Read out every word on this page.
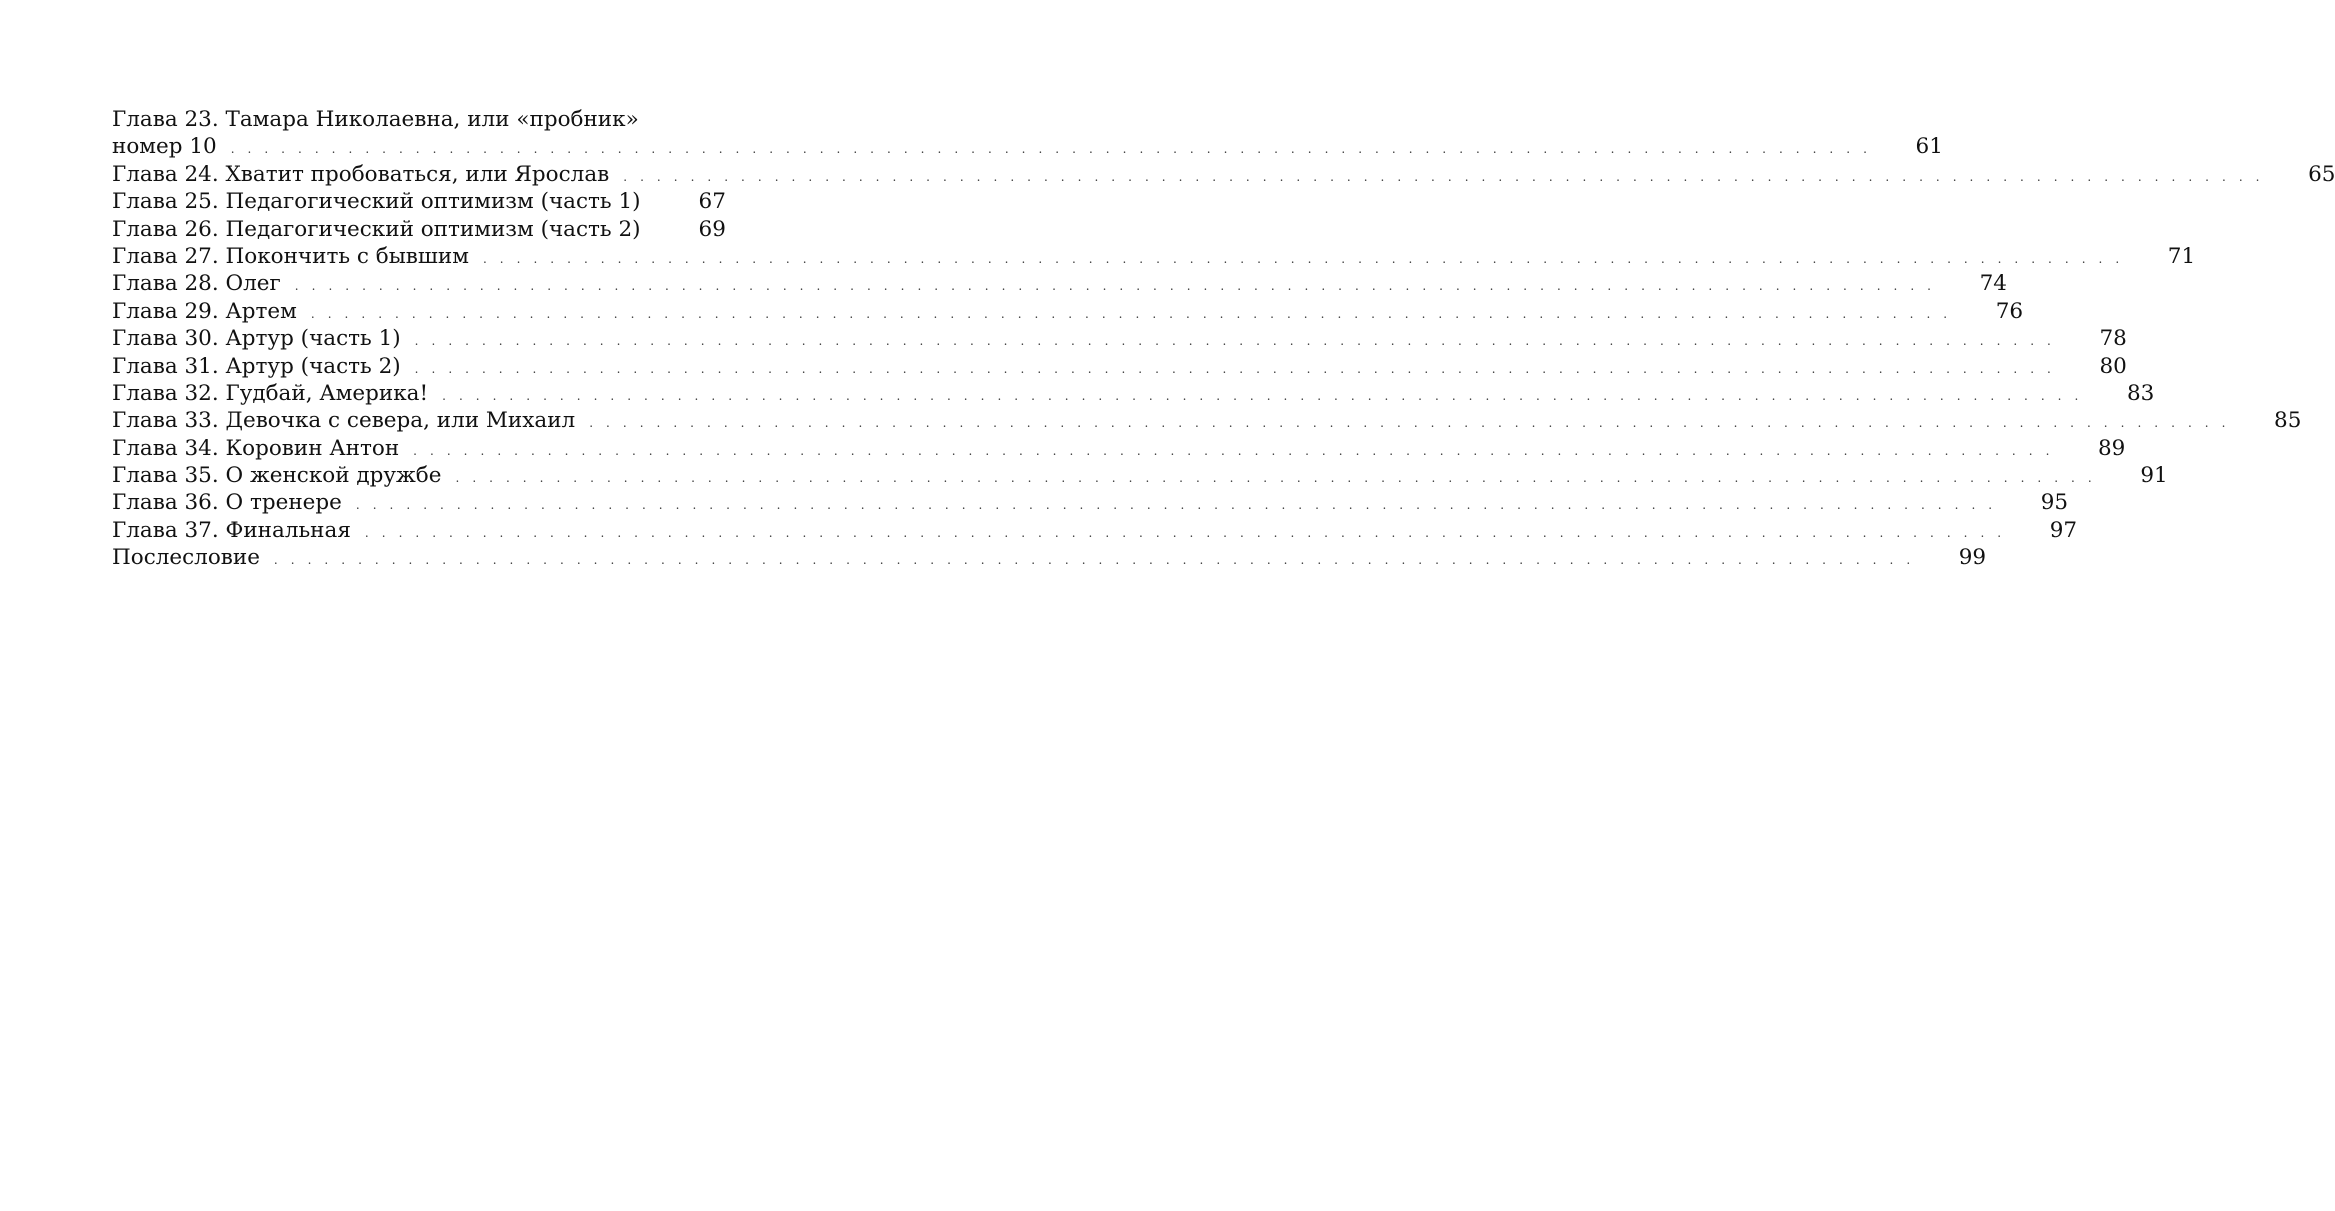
Глава 23. Тамара Николаевна, или «пробник»
номер 10 . . . . . . . . . . . . . . . . . . . . . . . . . . . . . . . . . . . . . . . . . . . . . . . . . . . . . . . . . . . . . . . . . . . . . . . . . . . . . . . . . . . . . . . . . . . . . . . . . . 61
Глава 24. Хватит пробоваться, или Ярослав . . . . . . . . . . . . . . . . . . . . . . . . . . . . . . . . . . . . . . . . . . . . . . . . . . . . . . . . . . . . . . . . . . . . . . . . . . . . . . . . . . . . . . . . . . . . . . . . . . 65
Глава 25. Педагогический оптимизм (часть 1)	67
Глава 26. Педагогический оптимизм (часть 2)	69
Глава 27. Покончить с бывшим . . . . . . . . . . . . . . . . . . . . . . . . . . . . . . . . . . . . . . . . . . . . . . . . . . . . . . . . . . . . . . . . . . . . . . . . . . . . . . . . . . . . . . . . . . . . . . . . . . 71
Глава 28. Олег . . . . . . . . . . . . . . . . . . . . . . . . . . . . . . . . . . . . . . . . . . . . . . . . . . . . . . . . . . . . . . . . . . . . . . . . . . . . . . . . . . . . . . . . . . . . . . . . . . 74
Глава 29. Артем . . . . . . . . . . . . . . . . . . . . . . . . . . . . . . . . . . . . . . . . . . . . . . . . . . . . . . . . . . . . . . . . . . . . . . . . . . . . . . . . . . . . . . . . . . . . . . . . . . 76
Глава 30. Артур (часть 1) . . . . . . . . . . . . . . . . . . . . . . . . . . . . . . . . . . . . . . . . . . . . . . . . . . . . . . . . . . . . . . . . . . . . . . . . . . . . . . . . . . . . . . . . . . . . . . . . . . 78
Глава 31. Артур (часть 2) . . . . . . . . . . . . . . . . . . . . . . . . . . . . . . . . . . . . . . . . . . . . . . . . . . . . . . . . . . . . . . . . . . . . . . . . . . . . . . . . . . . . . . . . . . . . . . . . . . 80
Глава 32. Гудбай, Америка! . . . . . . . . . . . . . . . . . . . . . . . . . . . . . . . . . . . . . . . . . . . . . . . . . . . . . . . . . . . . . . . . . . . . . . . . . . . . . . . . . . . . . . . . . . . . . . . . . . 83
Глава 33. Девочка с севера, или Михаил . . . . . . . . . . . . . . . . . . . . . . . . . . . . . . . . . . . . . . . . . . . . . . . . . . . . . . . . . . . . . . . . . . . . . . . . . . . . . . . . . . . . . . . . . . . . . . . . . . 85
Глава 34. Коровин Антон . . . . . . . . . . . . . . . . . . . . . . . . . . . . . . . . . . . . . . . . . . . . . . . . . . . . . . . . . . . . . . . . . . . . . . . . . . . . . . . . . . . . . . . . . . . . . . . . . . 89
Глава 35. О женской дружбе . . . . . . . . . . . . . . . . . . . . . . . . . . . . . . . . . . . . . . . . . . . . . . . . . . . . . . . . . . . . . . . . . . . . . . . . . . . . . . . . . . . . . . . . . . . . . . . . . . 91
Глава 36. О тренере . . . . . . . . . . . . . . . . . . . . . . . . . . . . . . . . . . . . . . . . . . . . . . . . . . . . . . . . . . . . . . . . . . . . . . . . . . . . . . . . . . . . . . . . . . . . . . . . . . 95
Глава 37. Финальная . . . . . . . . . . . . . . . . . . . . . . . . . . . . . . . . . . . . . . . . . . . . . . . . . . . . . . . . . . . . . . . . . . . . . . . . . . . . . . . . . . . . . . . . . . . . . . . . . . 97
Послесловие . . . . . . . . . . . . . . . . . . . . . . . . . . . . . . . . . . . . . . . . . . . . . . . . . . . . . . . . . . . . . . . . . . . . . . . . . . . . . . . . . . . . . . . . . . . . . . . . . . 99
